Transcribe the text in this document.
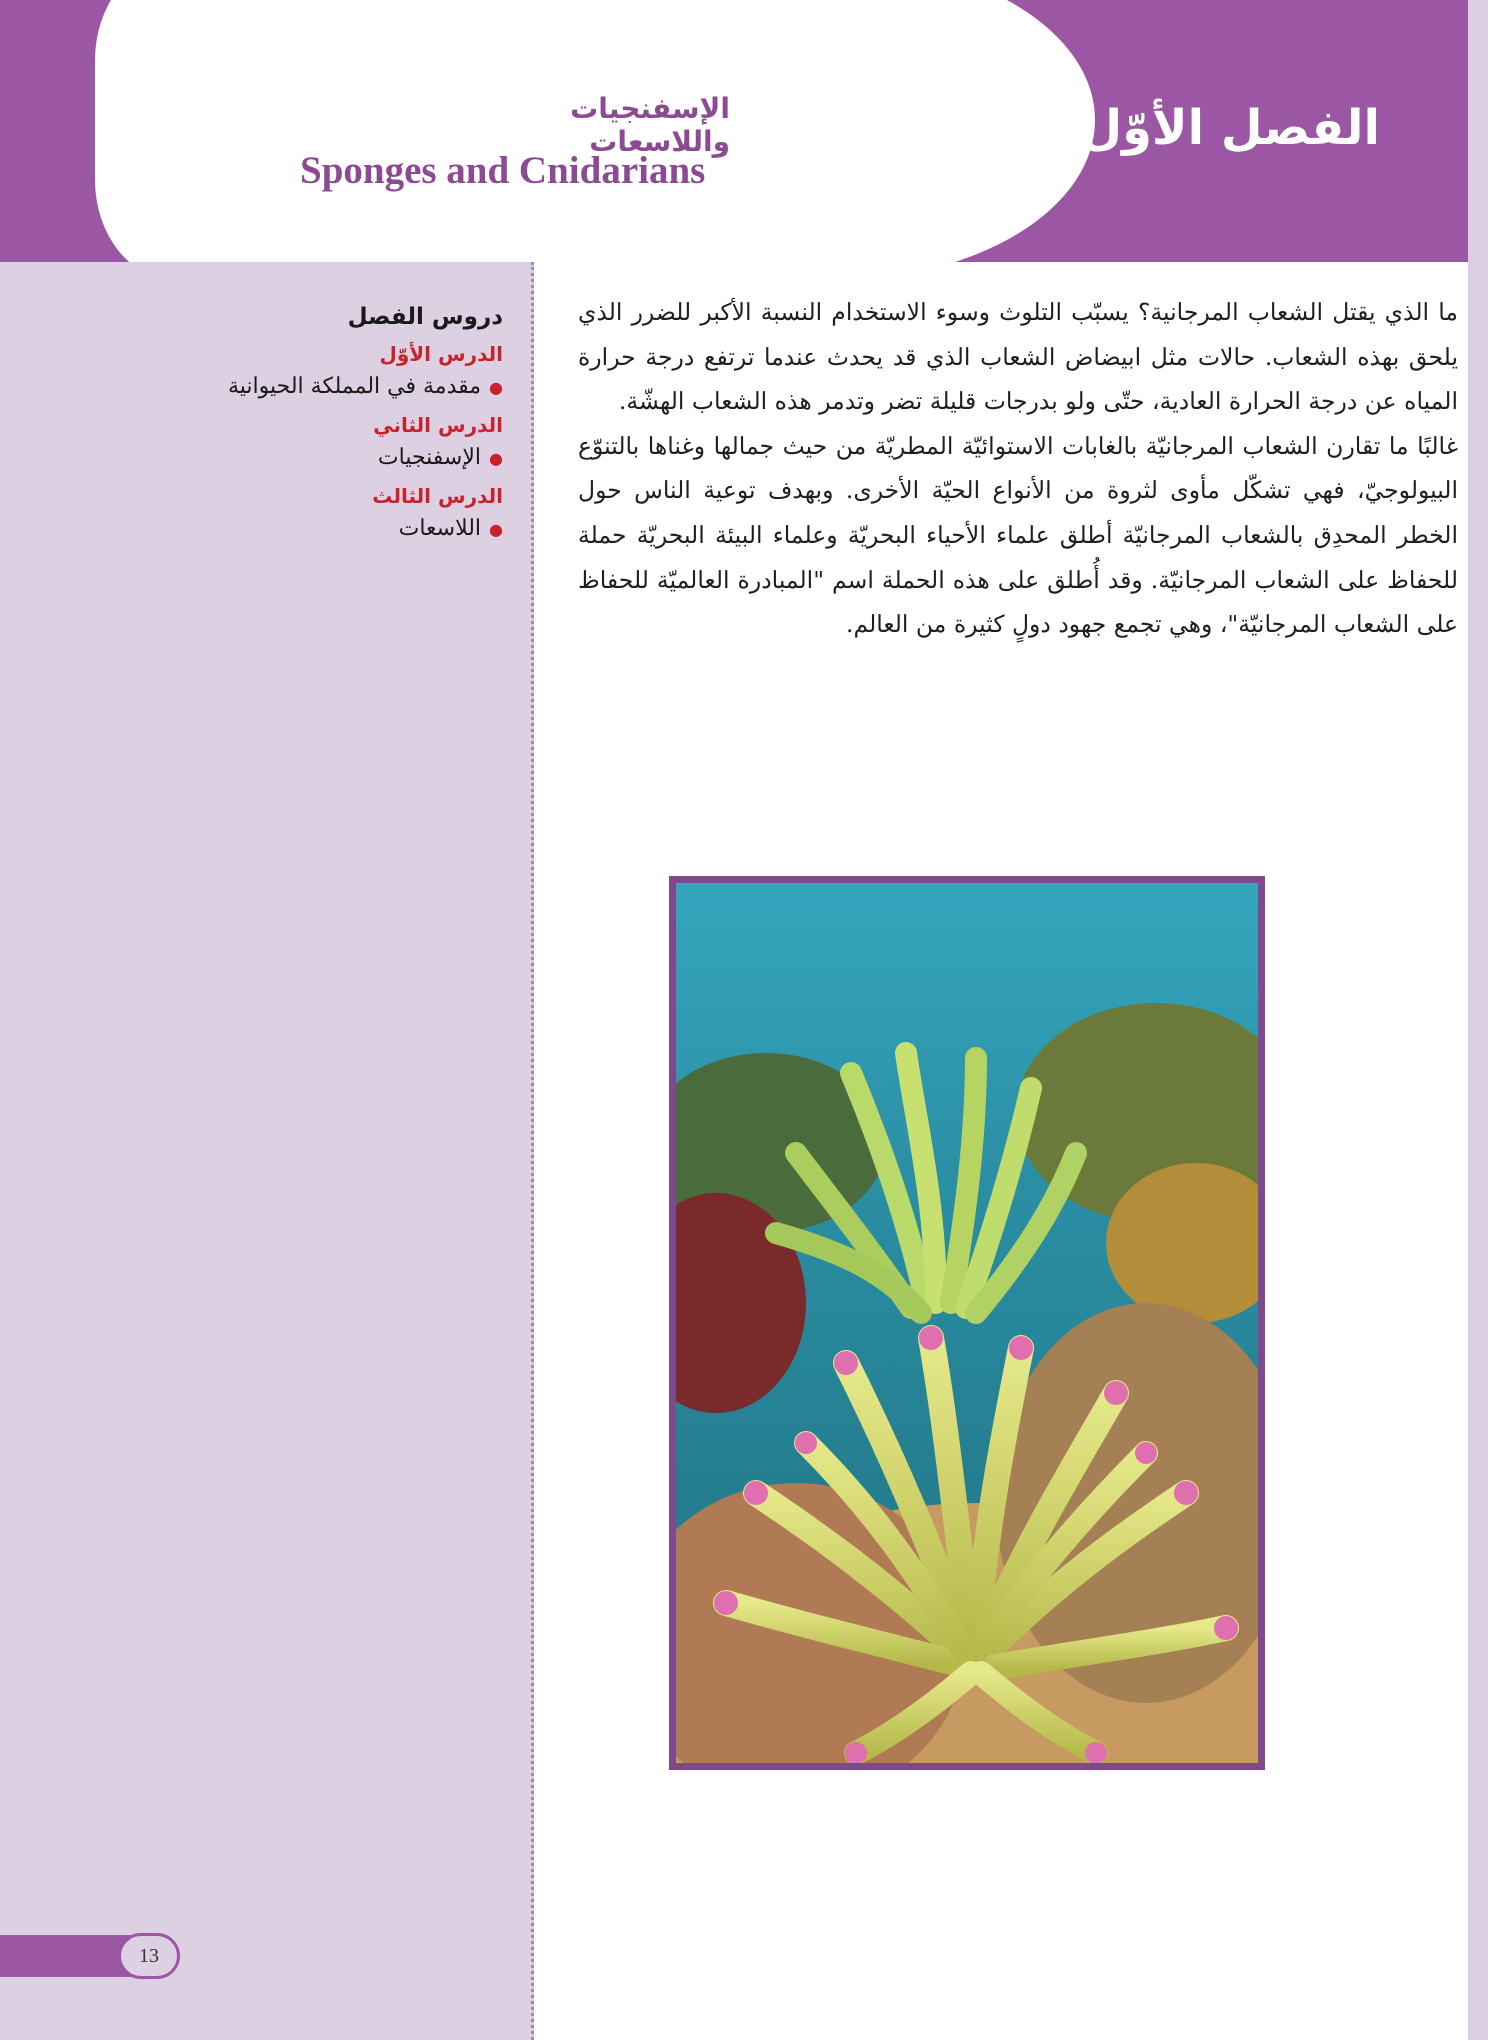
الإسفنجيات واللاسعات
Sponges and Cnidarians
الفصل الأوّل
دروس الفصل
الدرس الأوّل
●مقدمة في المملكة الحيوانية
الدرس الثاني
●الإسفنجيات
الدرس الثالث
●اللاسعات
13

ما الذي يقتل الشعاب المرجانية؟ يسبّب التلوث وسوء الاستخدام النسبة الأكبر للضرر الذي يلحق بهذه الشعاب. حالات مثل ابيضاض الشعاب الذي قد يحدث عندما ترتفع درجة حرارة المياه عن درجة الحرارة العادية، حتّى ولو بدرجات قليلة تضر وتدمر هذه الشعاب الهشّة.

غالبًا ما تقارن الشعاب المرجانيّة بالغابات الاستوائيّة المطريّة من حيث جمالها وغناها بالتنوّع البيولوجيّ، فهي تشكّل مأوى لثروة من الأنواع الحيّة الأخرى. وبهدف توعية الناس حول الخطر المحدِق بالشعاب المرجانيّة أطلق علماء الأحياء البحريّة وعلماء البيئة البحريّة حملة للحفاظ على الشعاب المرجانيّة. وقد أُطلق على هذه الحملة اسم "المبادرة العالميّة للحفاظ على الشعاب المرجانيّة"، وهي تجمع جهود دولٍ كثيرة من العالم.
